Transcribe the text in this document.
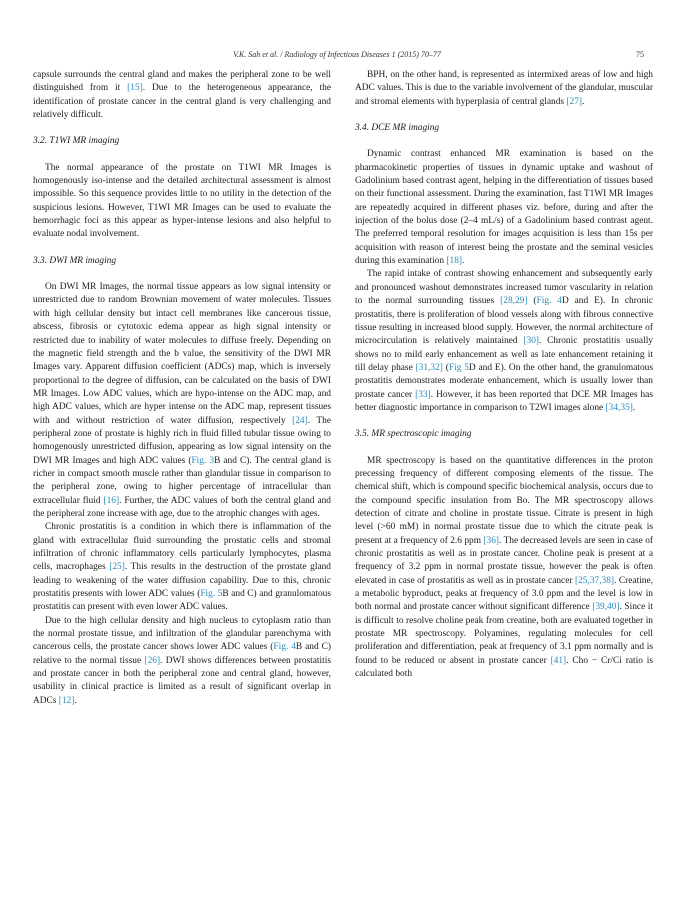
V.K. Sah et al. / Radiology of Infectious Diseases 1 (2015) 70–77	75

capsule surrounds the central gland and makes the peripheral zone to be well distinguished from it [15]. Due to the heterogeneous appearance, the identification of prostate cancer in the central gland is very challenging and relatively difficult.

3.2. T1WI MR imaging

The normal appearance of the prostate on T1WI MR Images is homogenously iso-intense and the detailed architectural assessment is almost impossible. So this sequence provides little to no utility in the detection of the suspicious lesions. However, T1WI MR Images can be used to evaluate the hemorrhagic foci as this appear as hyper-intense lesions and also helpful to evaluate nodal involvement.

3.3. DWI MR imaging

On DWI MR Images, the normal tissue appears as low signal intensity or unrestricted due to random Brownian movement of water molecules. Tissues with high cellular density but intact cell membranes like cancerous tissue, abscess, fibrosis or cytotoxic edema appear as high signal intensity or restricted due to inability of water molecules to diffuse freely. Depending on the magnetic field strength and the b value, the sensitivity of the DWI MR Images vary. Apparent diffusion coefficient (ADCs) map, which is inversely proportional to the degree of diffusion, can be calculated on the basis of DWI MR Images. Low ADC values, which are hypo-intense on the ADC map, and high ADC values, which are hyper intense on the ADC map, represent tissues with and without restriction of water diffusion, respectively [24]. The peripheral zone of prostate is highly rich in fluid filled tubular tissue owing to homogenously unrestricted diffusion, appearing as low signal intensity on the DWI MR Images and high ADC values (Fig. 3B and C). The central gland is richer in compact smooth muscle rather than glandular tissue in comparison to the peripheral zone, owing to higher percentage of intracellular than extracellular fluid [16]. Further, the ADC values of both the central gland and the peripheral zone increase with age, due to the atrophic changes with ages.

Chronic prostatitis is a condition in which there is inflammation of the gland with extracellular fluid surrounding the prostatic cells and stromal infiltration of chronic inflammatory cells particularly lymphocytes, plasma cells, macrophages [25]. This results in the destruction of the prostate gland leading to weakening of the water diffusion capability. Due to this, chronic prostatitis presents with lower ADC values (Fig. 5B and C) and granulomatous prostatitis can present with even lower ADC values.

Due to the high cellular density and high nucleus to cytoplasm ratio than the normal prostate tissue, and infiltration of the glandular parenchyma with cancerous cells, the prostate cancer shows lower ADC values (Fig. 4B and C) relative to the normal tissue [26]. DWI shows differences between prostatitis and prostate cancer in both the peripheral zone and central gland, however, usability in clinical practice is limited as a result of significant overlap in ADCs [12].

BPH, on the other hand, is represented as intermixed areas of low and high ADC values. This is due to the variable involvement of the glandular, muscular and stromal elements with hyperplasia of central glands [27].

3.4. DCE MR imaging

Dynamic contrast enhanced MR examination is based on the pharmacokinetic properties of tissues in dynamic uptake and washout of Gadolinium based contrast agent, helping in the differentiation of tissues based on their functional assessment. During the examination, fast T1WI MR Images are repeatedly acquired in different phases viz. before, during and after the injection of the bolus dose (2–4 mL/s) of a Gadolinium based contrast agent. The preferred temporal resolution for images acquisition is less than 15s per acquisition with reason of interest being the prostate and the seminal vesicles during this examination [18].

The rapid intake of contrast showing enhancement and subsequently early and pronounced washout demonstrates increased tumor vascularity in relation to the normal surrounding tissues [28,29] (Fig. 4D and E). In chronic prostatitis, there is proliferation of blood vessels along with fibrous connective tissue resulting in increased blood supply. However, the normal architecture of microcirculation is relatively maintained [30]. Chronic prostatitis usually shows no to mild early enhancement as well as late enhancement retaining it till delay phase [31,32] (Fig 5D and E). On the other hand, the granulomatous prostatitis demonstrates moderate enhancement, which is usually lower than prostate cancer [33]. However, it has been reported that DCE MR Images has better diagnostic importance in comparison to T2WI images alone [34,35].

3.5. MR spectroscopic imaging

MR spectroscopy is based on the quantitative differences in the proton precessing frequency of different composing elements of the tissue. The chemical shift, which is compound specific biochemical analysis, occurs due to the compound specific insulation from Bo. The MR spectroscopy allows detection of citrate and choline in prostate tissue. Citrate is present in high level (>60 mM) in normal prostate tissue due to which the citrate peak is present at a frequency of 2.6 ppm [36]. The decreased levels are seen in case of chronic prostatitis as well as in prostate cancer. Choline peak is present at a frequency of 3.2 ppm in normal prostate tissue, however the peak is often elevated in case of prostatitis as well as in prostate cancer [25,37,38]. Creatine, a metabolic byproduct, peaks at frequency of 3.0 ppm and the level is low in both normal and prostate cancer without significant difference [39,40]. Since it is difficult to resolve choline peak from creatine, both are evaluated together in prostate MR spectroscopy. Polyamines, regulating molecules for cell proliferation and differentiation, peak at frequency of 3.1 ppm normally and is found to be reduced or absent in prostate cancer [41]. Cho − Cr/Ci ratio is calculated both
